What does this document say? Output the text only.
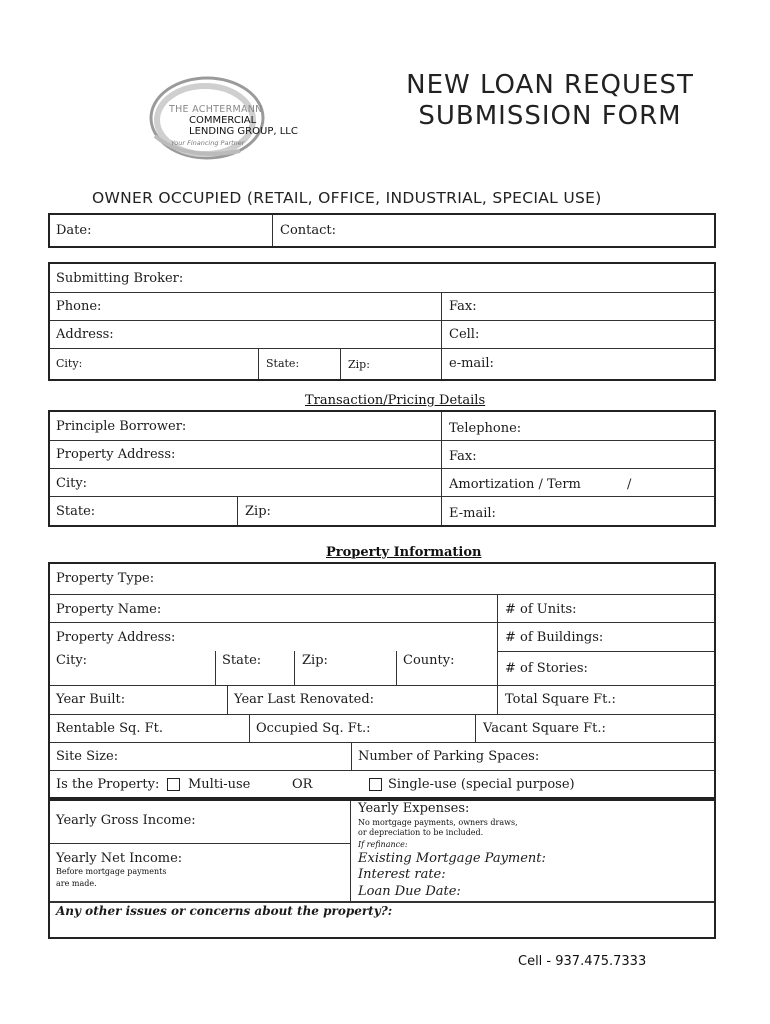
THE ACHTERMANN
COMMERCIAL
LENDING GROUP, LLC
Your Financing Partner
NEW LOAN REQUEST
SUBMISSION FORM
OWNER OCCUPIED (RETAIL, OFFICE, INDUSTRIAL, SPECIAL USE)
Date:	Contact:
Submitting Broker:
Phone:	Fax:
Address:	Cell:
City:	State:	Zip:	e-mail:
Transaction/Pricing Details
Principle Borrower:	Telephone:
Property Address:	Fax:
City:	Amortization / Term	/
State:	Zip:	E-mail:
Property Information
Property Type:
Property Name:	# of Units:
Property Address:	# of Buildings:
City:	State:	Zip:	County:
# of Stories:
Year Built:	Year Last Renovated:	Total Square Ft.:
Rentable Sq. Ft.	Occupied Sq. Ft.:	Vacant Square Ft.:
Site Size:	Number of Parking Spaces:
Is the Property: Multi-use	OR	Single-use (special purpose)
Yearly Gross Income:
Yearly Expenses:
No mortgage payments, owners draws,
or depreciation to be included.
If refinance:
Yearly Net Income:
Before mortgage payments
are made.
Existing Mortgage Payment:
Interest rate:
Loan Due Date:
Any other issues or concerns about the property?:
Cell - 937.475.7333
